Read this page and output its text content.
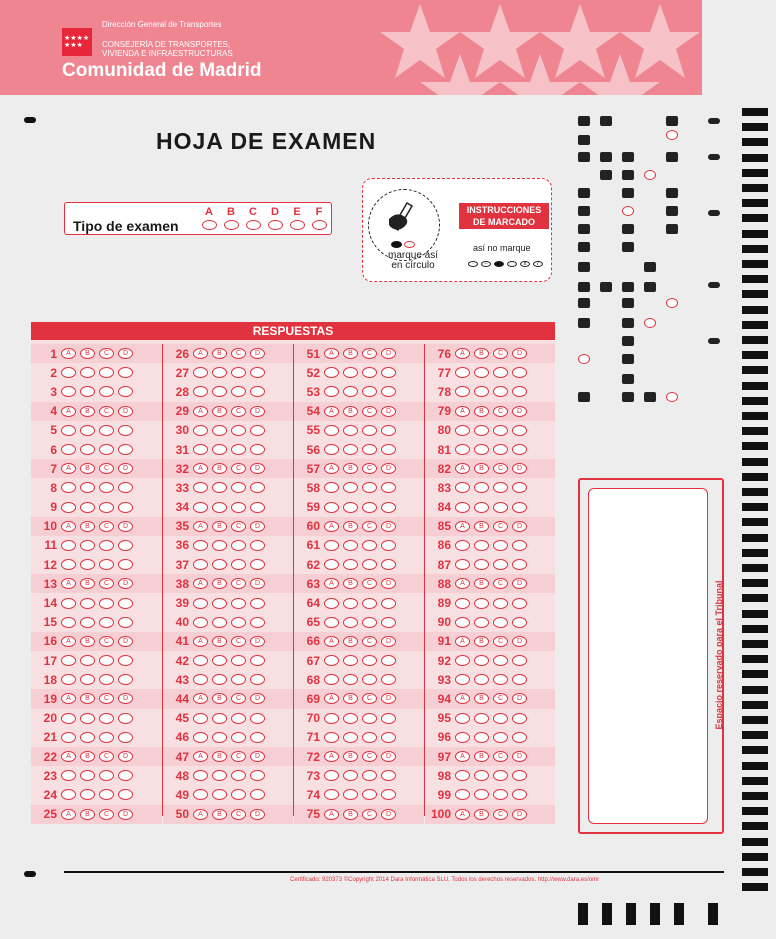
★★★★ ★★★
Dirección General de Transportes
CONSEJERÍA DE TRANSPORTES,
VIVIENDA E INFRAESTRUCTURAS
Comunidad de Madrid
HOJA DE EXAMEN
Tipo de examen
A	B	C	D	E	F
marque así
en círculo
INSTRUCCIONES
DE MARCADO
así no marque
·	−	x	/
Espacio reservado para el Tribunal
RESPUESTAS
1	A	B	C	D
2
3
4	A	B	C	D
5
6
7	A	B	C	D
8
9
10	A	B	C	D
11
12
13	A	B	C	D
14
15
16	A	B	C	D
17
18
19	A	B	C	D
20
21
22	A	B	C	D
23
24
25	A	B	C	D
26	A	B	C	D
27
28
29	A	B	C	D
30
31
32	A	B	C	D
33
34
35	A	B	C	D
36
37
38	A	B	C	D
39
40
41	A	B	C	D
42
43
44	A	B	C	D
45
46
47	A	B	C	D
48
49
50	A	B	C	D
51	A	B	C	D
52
53
54	A	B	C	D
55
56
57	A	B	C	D
58
59
60	A	B	C	D
61
62
63	A	B	C	D
64
65
66	A	B	C	D
67
68
69	A	B	C	D
70
71
72	A	B	C	D
73
74
75	A	B	C	D
76	A	B	C	D
77
78
79	A	B	C	D
80
81
82	A	B	C	D
83
84
85	A	B	C	D
86
87
88	A	B	C	D
89
90
91	A	B	C	D
92
93
94	A	B	C	D
95
96
97	A	B	C	D
98
99
100	A	B	C	D
Certificado: 920373 ©Copyright 2014 Dara Informática SLU. Todos los derechos reservados. http://www.dara.es/omr
